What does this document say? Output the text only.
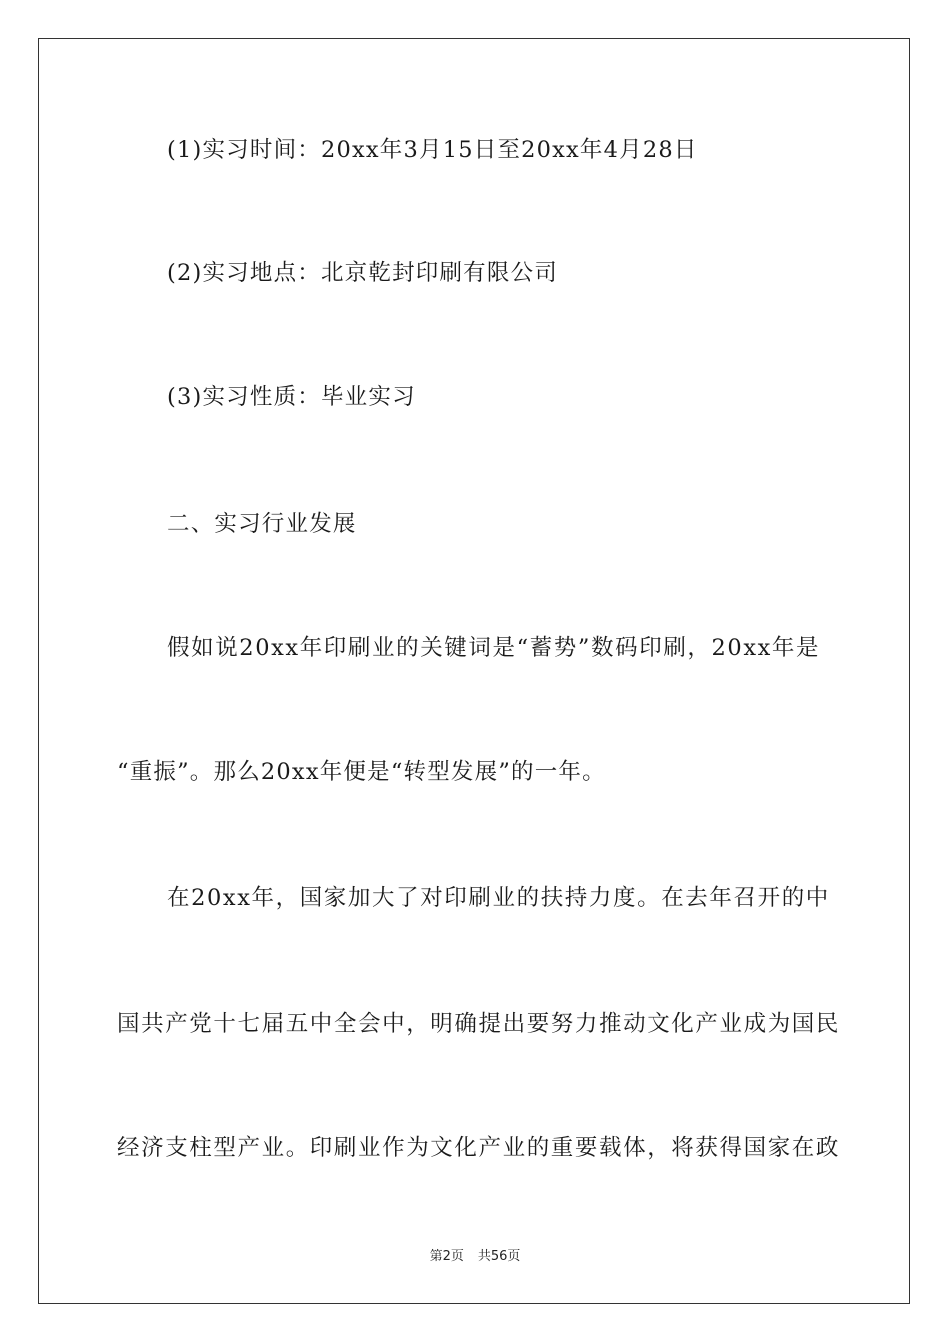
(1)实习时间：20xx年3月15日至20xx年4月28日
(2)实习地点：北京乾封印刷有限公司
(3)实习性质：毕业实习
二、实习行业发展
假如说20xx年印刷业的关键词是“蓄势”数码印刷，20xx年是
“重振”。那么20xx年便是“转型发展”的一年。
在20xx年，国家加大了对印刷业的扶持力度。在去年召开的中
国共产党十七届五中全会中，明确提出要努力推动文化产业成为国民
经济支柱型产业。印刷业作为文化产业的重要载体，将获得国家在政
第2页 共56页
